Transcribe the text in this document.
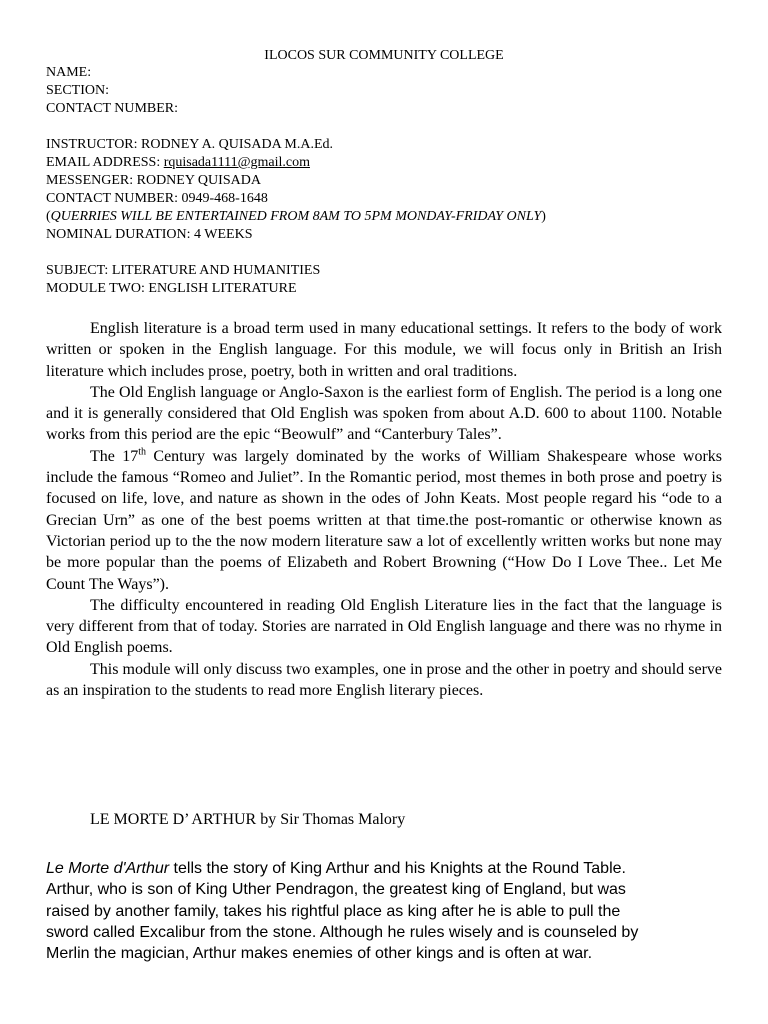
ILOCOS SUR COMMUNITY COLLEGE
NAME:
SECTION:
CONTACT NUMBER:
INSTRUCTOR: RODNEY A. QUISADA M.A.Ed.
EMAIL ADDRESS: rquisada1111@gmail.com
MESSENGER: RODNEY QUISADA
CONTACT NUMBER: 0949-468-1648
(QUERRIES WILL BE ENTERTAINED FROM 8AM TO 5PM MONDAY-FRIDAY ONLY)
NOMINAL DURATION: 4 WEEKS
SUBJECT: LITERATURE AND HUMANITIES
MODULE TWO: ENGLISH LITERATURE

English literature is a broad term used in many educational settings. It refers to the body of work written or spoken in the English language. For this module, we will focus only in British an Irish literature which includes prose, poetry, both in written and oral traditions.

The Old English language or Anglo-Saxon is the earliest form of English. The period is a long one and it is generally considered that Old English was spoken from about A.D. 600 to about 1100. Notable works from this period are the epic “Beowulf” and “Canterbury Tales”.

The 17th Century was largely dominated by the works of William Shakespeare whose works include the famous “Romeo and Juliet”. In the Romantic period, most themes in both prose and poetry is focused on life, love, and nature as shown in the odes of John Keats. Most people regard his “ode to a Grecian Urn” as one of the best poems written at that time.the post-romantic or otherwise known as Victorian period up to the the now modern literature saw a lot of excellently written works but none may be more popular than the poems of Elizabeth and Robert Browning (“How Do I Love Thee.. Let Me Count The Ways”).

The difficulty encountered in reading Old English Literature lies in the fact that the language is very different from that of today. Stories are narrated in Old English language and there was no rhyme in Old English poems.

This module will only discuss two examples, one in prose and the other in poetry and should serve as an inspiration to the students to read more English literary pieces.

LE MORTE D’ ARTHUR by Sir Thomas Malory
Le Morte d'Arthur tells the story of King Arthur and his Knights at the Round Table.
Arthur, who is son of King Uther Pendragon, the greatest king of England, but was
raised by another family, takes his rightful place as king after he is able to pull the
sword called Excalibur from the stone. Although he rules wisely and is counseled by
Merlin the magician, Arthur makes enemies of other kings and is often at war.
